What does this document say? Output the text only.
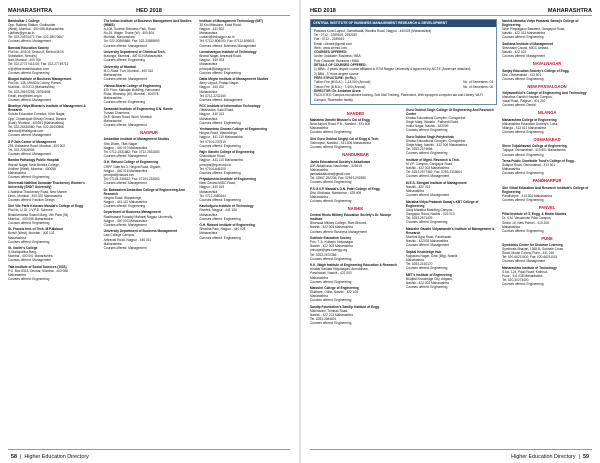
MAHARASHTRA	HED 2018
Bandodkar J College
Opp. Railway Station, Godbunder
(West), Mumbai - 400 068 Maharashtra
r.jadhav@gm.ac.in
Tel: 022-23570471; Fax: 022-28070667
Courses offered: Management
Barnwal Education Society
Plot No.-40/104, Sector-8, Behind MGS
Substation, Nerul(w)
Navi Mumbai - 400 706
Tel: 022-27727415-06; Fax: 022-27749712
rv@@barnwaleducation.com
Courses offered: Engineering
Bhagat Institute of Business Management
Plot No. 135, MHADA Colony, Panvel
Mumbai - 410 213 (Maharashtra)
Tel: 022-28670255; 28760808
Email: info@bibm.org.in
Courses offered: Management
Bhartiya Vidya Bhavan's Institute of Management & Research
Kuhula Education Complex, Khar Nagar,
Opp. Chhatrapati Shivaji Ground, Bandra
(East), Mumbai - 400051 (Maharashtra)
Tel: 022-26430580; Fax: 022-26430566
director@bhalsignat.com
Courses offered: Management
D P Jain Center of Management
293, Kalbadevi Road, Mumbai - 400 002
Tel: 022-22406906
Courses offered: Management
Bandra Pathology Public Hospital
Warudi Nagar, Near Bandra College,
Andheri (West), Mumbai - 400058
Maharashtra
Courses offered: Engineering
Shreemati Nathibai Damodar Thackersey Women's University (SNDT University)
1,Nathibai Thackersey Road, New Marine
Lines, Mumbai - 400 020 Maharashtra
Courses offered: Fashion Design
Shri Vile Parle Kelavani Mandal's College of Engg.
Plot No. U-15, J.V.P.D. Scheme,
Bhaktivedanta Swami Marg, Vile Parle (W)
Mumbai - 400 056 Maharashtra
Courses offered: Engineering
St. Francis Inst. of Tech. M.P.Mabour
Borivli (West), Mumbai - 400 103
Maharashtra
Courses offered: Engineering
St. Xavier's College
5, Mahapalika Marg,
Mumbai - 400 001 Maharashtra
Courses offered: Management
Tata Institute of Social Sciences (TISS)
P.O. Box 8313, Deonar, Mumbai - 400 088
Maharashtra
Courses offered: Engineering
The Indian Institute of Business Management And Studies (IIBMS)
A-108, Sunrise Business Park, Road
No.16, Wagle, Thane (W) - 400 604
Mumbai, Maharashtra
Tel: 022-20855888; Fax: 022-20855890
Courses offered: Management
University Department of Chemical Tech.
Matunga, Mumbai - 400 019 Maharashtra
Courses offered: Engineering
University of Mumbai
M.G.Road, Fort, Mumbai - 400 032
Maharashtra
Courses offered: Management
Vishwa Bharat College of Engineering
4Th Floor, Mahajan Building, Hanumant
Road, Bhandup (W), Mumbai - 400078
Maharashtra
Courses offered: Engineering
Saraswati Institute of Engineering S.N. Kamte
Tulsani Chambers
Dr.E. Moses Road, Worli, Mumbai
Maharashtra
Courses offered: Management
NAGPUR
Ambedkar Institute of Management Studies
Shiv Dham, Tilak Nagar,
Nagpur - 440 010 Maharashtra
Tel: 0712-2531882; Fax: 0712-2531883
Courses offered: Management
G.H. Raisoni College of Engineering
CRPF Gate No.3, Hingna Road, Digdoh,
Nagpur - 440 016 Maharashtra
principal@raisoni.net
Tel: 07104-236622; Fax: 07104-232560
Courses offered: Management
Dr. Babasaheb Ambedkar College of Engineering And Research
Hingna Road, Wanadongri,
Nagpur - 441 110 Maharashtra
Courses offered: Engineering
Department of Business Management
Rashtrasant Tukadoji Maharaj Nagpur University,
Nagpur - 440 033 Maharashtra
Courses offered: Management
University Department of Business Management
Law College Campus,
Amravati Road, Nagpur - 440 010
Maharashtra
Courses offered: Management
Institute of Management Technology (IMT)
35 Km Milestone, Katol Road,
Nagpur - 441 502
Maharashtra
contact@imtnagpur.ac.in
Tel: 07112-806000; Fax: 07112-806001
Courses offered: Business Management
Laxminarayan Institute of Technology
Bharat Nagar, Amravati Road,
Nagpur - 440 033
Maharashtra
principal@litnagpur.in
Courses offered: Engineering
Datta Meghe Institute of Management Studies
Atrey Layout, Pratap Nagar,
Nagpur - 440 022
Maharashtra
Tel: 0712-2232160
Courses offered: Management
RCC Institute of Information Technology
Gittikhadan, Katol Road,
Nagpur - 440 013
Maharashtra
Courses offered: Engineering
Yeshwantrao Chavan College of Engineering
Hingna Road, Wanadongri,
Nagpur - 441 110 Maharashtra
Tel: 07104-237919
Courses offered: Engineering
Rajiv Gandhi College of Engineering
Chandrapur Road,
Nagpur - 441 110 Maharashtra
principal@rgcer.edu.in
Tel: 07104-646100
Courses offered: Engineering
Priyadarshini Institute of Engineering
Near Central MIDC Road,
Nagpur - 440 019
Maharashtra
Tel: 0712-2580444
Courses offered: Engineering
Kavikulguru Institute of Technology
Ramtek, Nagpur - 441 106
Maharashtra
Courses offered: Engineering
G.H. Raisoni Institute of Engineering
Shradha Park, Nagpur - 440 028
Maharashtra
Courses offered: Engineering
58 | Higher Education Directory
HED 2018	MAHARASHTRA
CENTRAL INSTITUTE OF BUSINESS MANAGEMENT RESEARCH & DEVELOPMENT
Pawashi Kund Layout, Somalwada, Wardha Road, Nagpur - 440025 (Maharashtra)
Tel : 0712 - 2289519, 2252087
Fax : 0712 - 2289519
Email : cibmrd@gmail.com
Web : www.cibmrd.com
COURSES OFFERED:
Under Graduate: Business / BBA
Post Graduate: Business / MBA
DETAILS OF COURSES OFFERED:
1) MBA - 2 years degree course affiliated to RTM Nagpur University & approved by AICTE (Annexure attached)
2) BBA - 3 Years degree course
FEES STRUCTURE: (in Rs.)
Tuition Fee (M.B.A.) : 1,13,000 (Annual)	No. of Semesters: 04
Tuition Fee (B.B.A.) : 7,400 (Annual)	No. of Semesters: 06
DIRECTOR: Dr. Ambekar Arora
FACILITIES: Campus recruitment training, Soft Skill Training, Placement, Well equipped computer lab and Library, Wi-Fi Campus, Recreation facility.
NANDED
Mahatma Gandhi Mission's Col of Engg
Near Airport Road, P.B., Nanded - 431 605
Maharashtra
Courses offered: Engineering
Shri Guru Gobind Singhji Col of Engg & Tech.
Vishnupuri, Nanded - 431 606 Maharashtra
Courses offered: Engineering
NANDURBAR
Jamia Educational Society's Akkalkuwa
A/P. Akkalkuwa, Nandurbar - 425415
Maharashtra
jamiaakkalkuwa@gmail.com
Tel: 02567-252236; Fax: 02567-252380
Courses offered: Engineering
P.S.G.V.P. Mandal's D.N. Patel College of Engg.
Dist. Shahada, Nandurbar - 425 409
Maharashtra
Courses offered: Engineering
NASHIK
Central Hindu Military Education Society's Dr. Moonje Institute
Bhonsala Military College, Ram Bhoomi,
Nashik - 422 005 Maharashtra
Courses offered: Business Management
Gokhale Education Society
Prin. T. A. Kulkarni Vidyanagar,
Nashik - 422 005 Maharashtra
principal@ges-coengg.org
Tel: 0253-2570386
Courses offered: Engineering
K.K. Wagh Institute of Engineering Education & Research
Hirabai Haridas Vidyanagari, Amrutdham,
Panchavati, Nashik - 422 003
Maharashtra
Courses offered: Engineering
Matoshri College of Engineering
Eklahare, Odha, Nashik - 422 105
Maharashtra
Courses offered: Engineering
Sandip Foundation's Sandip Institute of Engg.
Mahiravani, Trimbak Road,
Nashik - 422 213 Maharashtra
Tel: 0253-2584801
Courses offered: Engineering
Guru Gobind Singh College Of Engineering And Research Centre
Khalsa Educational Complex, Gurugobind
Singh Marg, Wadala - Pathardi Road,
Indira Nagar, Nashik - 422009
Courses offered: Engineering
Guru Gobind Singh Polytechnic
Khalsa Educational Complex, Gurugobind
Singh Marg, Nashik - 422 009 Maharashtra
Tel: 0253-2374666
Courses offered: Engineering
Institute of Mgmt. Research & Tech.
M.V.P. Campus, Gangapur Road,
Nashik - 422 002 Maharashtra
Tel: 0253-2577362; Fax: 0253-2318604
Courses offered: Management
M.E.S. Sinhgad Institute of Management
Nashik - 422 013
Maharashtra
Courses offered: Management
Maratha Vidya Prasarak Samaj's KBT College of Engineering
Udoji Maratha Boarding Campus,
Gangapur Road, Nashik - 422 013
Tel: 0253-2571439
Courses offered: Engineering
Matoshri Gandhi Vidyamandir's Institute of Management & Research
Mumbai Agra Road, Panchavati,
Nashik - 422003 Maharashtra
Courses offered: Management
Sapkal Knowledge Hub
Kalpataru Nagar, Ozar (Mig), Nashik
Maharashtra
Tel: 0253-2410170
Courses offered: Engineering
MET's Institute of Engineering
Bhujbal Knowledge City, Adgaon,
Nashik - 422 003 Maharashtra
Courses offered: Engineering
Nashik Maratha Vidya Prasarak Samaj's College of Engineering
Near Pimpalgaon Baswant, Gangapur Road,
Nashik - 422 013 Maharashtra
Courses offered: Engineering
Sadhana Institute of Management
Shivshakti Chowk, MIDC Ambad,
Nashik - 422 010
Courses offered: Management
NAVALNAGAR
Sanjay Education Society's College of Engg.
Dist.-Osmanabad - 413 501
Courses offered: Engineering
NEW PANVALGAON
Vidyavardhini's College of Engineering And Technology
Mahatma Gandhi Hospital Campus,
Vasai Road, Palghar - 401 202
Courses offered: Dental
NILANGA
Maharashtra College of Engineering
Maharashtra Education Society's, Latur,
Nilanga - 413 521 Maharashtra
Courses offered: Engineering
OSMANABAD
Shree Tuljabhavani College of Engineering
Tuljapur, Osmanabad - 413 601 Maharashtra
Courses offered: Engineering
Terna Public Charitable Trust's College of Engg.
Solapur Road, Osmanabad - 413 501
Maharashtra
Courses offered: Engineering
PANDHARPUR
Shri Vithal Education And Research Institute's College of Engineering
Pandharpur - 413 304 Maharashtra
Courses offered: Engineering
PANVEL
Pillai Institute of IT, Engg. & Media Studies
Dr. K.M. Vasudevan Pillai Campus,
Sector 16, New Panvel - 410 206
Maharashtra
Courses offered: Engineering
PUNE
Symbiosis Centre for Distance Learning
Symbiosis Bhavan, 1065 B, Gokhale Cross
Road, Model Colony, Pune - 411 016
Tel: 020-66211000; Fax: 020-66211001
Courses offered: Management
Maharashtra Institute of Technology
S.No. 124, Paud Road, Kothrud,
Pune - 411 038 Maharashtra
Tel: 020-30273400
Courses offered: Engineering
Higher Education Directory | 59
